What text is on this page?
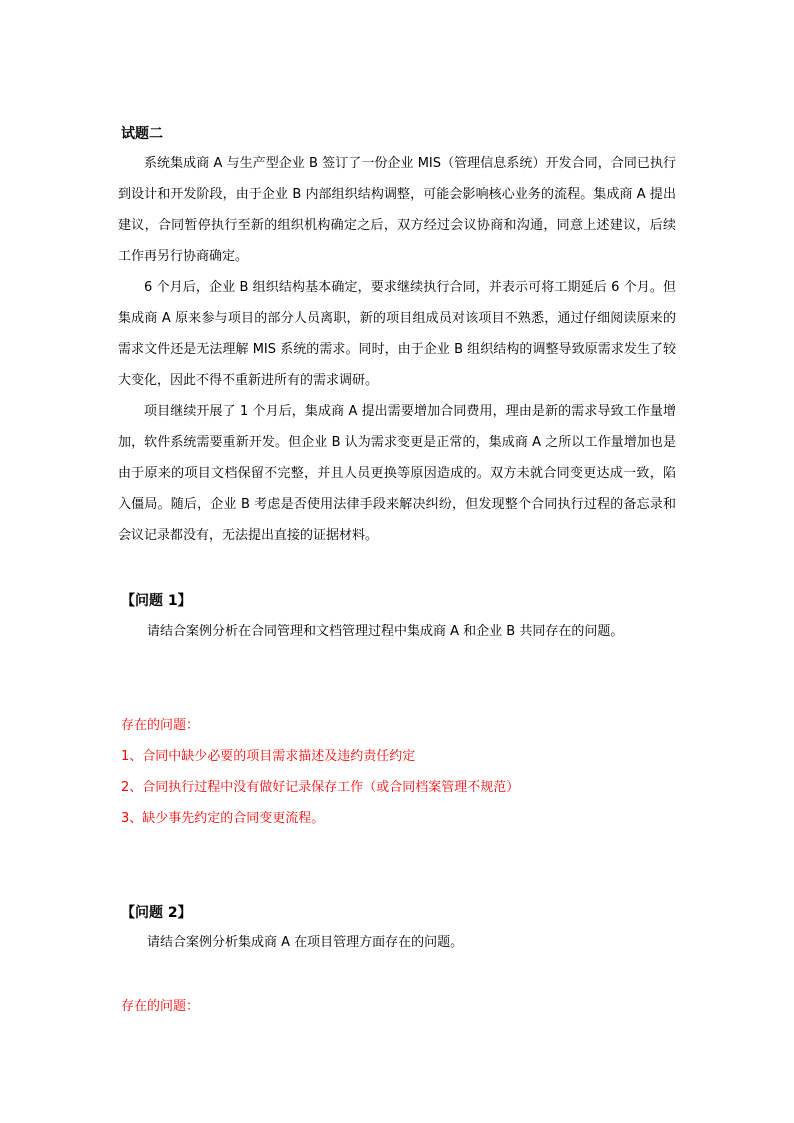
试题二
系统集成商 A 与生产型企业 B 签订了一份企业 MIS（管理信息系统）开发合同，合同已执行到设计和开发阶段，由于企业 B 内部组织结构调整，可能会影响核心业务的流程。集成商 A 提出建议，合同暂停执行至新的组织机构确定之后，双方经过会议协商和沟通，同意上述建议，后续工作再另行协商确定。
6 个月后，企业 B 组织结构基本确定，要求继续执行合同，并表示可将工期延后 6 个月。但集成商 A 原来参与项目的部分人员离职，新的项目组成员对该项目不熟悉，通过仔细阅读原来的需求文件还是无法理解 MIS 系统的需求。同时，由于企业 B 组织结构的调整导致原需求发生了较大变化，因此不得不重新进所有的需求调研。
项目继续开展了 1 个月后，集成商 A 提出需要增加合同费用，理由是新的需求导致工作量增加，软件系统需要重新开发。但企业 B 认为需求变更是正常的，集成商 A 之所以工作量增加也是由于原来的项目文档保留不完整，并且人员更换等原因造成的。双方未就合同变更达成一致，陷入僵局。随后，企业 B 考虑是否使用法律手段来解决纠纷，但发现整个合同执行过程的备忘录和会议记录都没有，无法提出直接的证据材料。
【问题 1】
请结合案例分析在合同管理和文档管理过程中集成商 A 和企业 B 共同存在的问题。
存在的问题：
1、合同中缺少必要的项目需求描述及违约责任约定
2、合同执行过程中没有做好记录保存工作（或合同档案管理不规范）
3、缺少事先约定的合同变更流程。
【问题 2】
请结合案例分析集成商 A 在项目管理方面存在的问题。
存在的问题：
